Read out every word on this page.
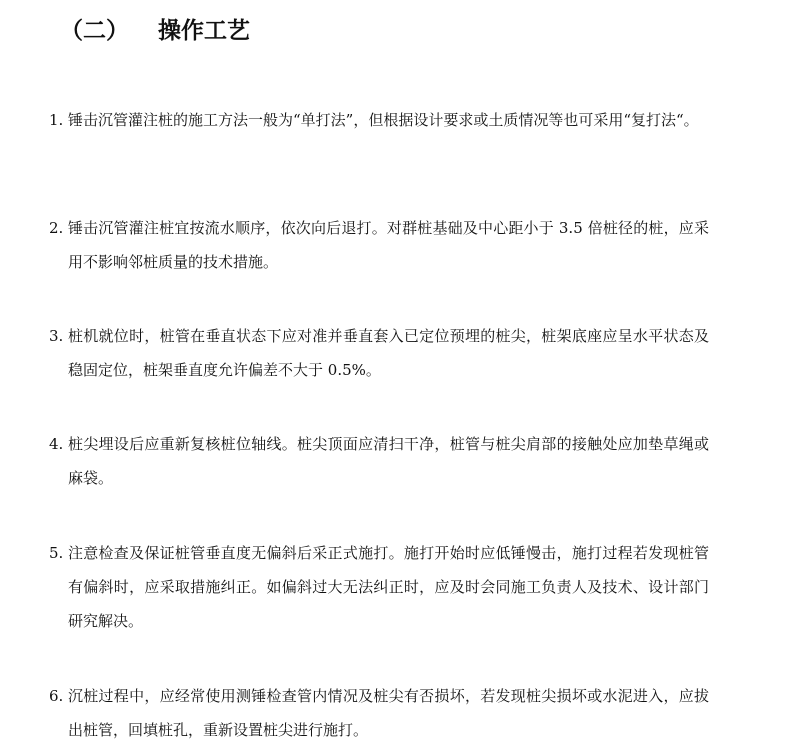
（二） 操作工艺
1. 锤击沉管灌注桩的施工方法一般为“单打法”，但根据设计要求或土质情况等也可采用“复打法“。
2. 锤击沉管灌注桩宜按流水顺序，依次向后退打。对群桩基础及中心距小于 3.5 倍桩径的桩，应采用不影响邻桩质量的技术措施。
3. 桩机就位时，桩管在垂直状态下应对准并垂直套入已定位预埋的桩尖，桩架底座应呈水平状态及稳固定位，桩架垂直度允许偏差不大于 0.5%。
4. 桩尖埋设后应重新复核桩位轴线。桩尖顶面应清扫干净，桩管与桩尖肩部的接触处应加垫草绳或麻袋。
5. 注意检查及保证桩管垂直度无偏斜后采正式施打。施打开始时应低锤慢击，施打过程若发现桩管有偏斜时，应采取措施纠正。如偏斜过大无法纠正时，应及时会同施工负责人及技术、设计部门研究解决。
6. 沉桩过程中，应经常使用测锤检查管内情况及桩尖有否损坏，若发现桩尖损坏或水泥进入，应拔出桩管，回填桩孔，重新设置桩尖进行施打。
